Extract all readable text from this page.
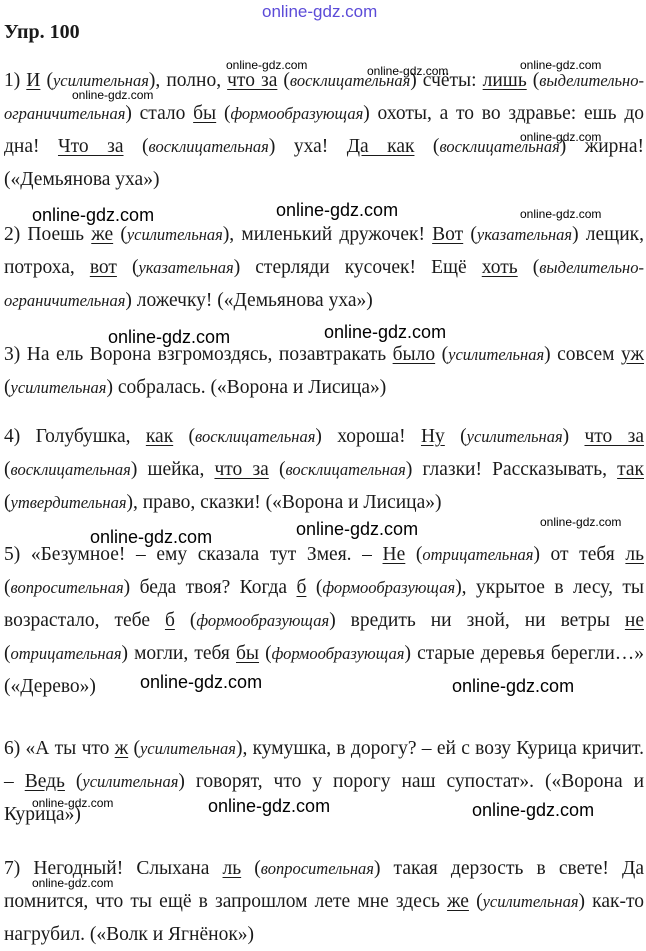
online-gdz.com
Упр. 100

1) И (усилительная), полно, что за (восклицательная) счёты: лишь (выделительно-ограничительная) стало бы (формообразующая) охоты, а то во здравье: ешь до дна! Что за (восклицательная) уха! Да как (восклицательная) жирна! («Демьянова уха»)

2) Поешь же (усилительная), миленький дружочек! Вот (указательная) лещик, потроха, вот (указательная) стерляди кусочек! Ещё хоть (выделительно-ограничительная) ложечку! («Демьянова уха»)

3) На ель Ворона взгромоздясь, позавтракать было (усилительная) совсем уж (усилительная) собралась. («Ворона и Лисица»)

4) Голубушка, как (восклицательная) хороша! Ну (усилительная) что за (восклицательная) шейка, что за (восклицательная) глазки! Рассказывать, так (утвердительная), право, сказки! («Ворона и Лисица»)

5) «Безумное! – ему сказала тут Змея. – Не (отрицательная) от тебя ль (вопросительная) беда твоя? Когда б (формообразующая), укрытое в лесу, ты возрастало, тебе б (формообразующая) вредить ни зной, ни ветры не (отрицательная) могли, тебя бы (формообразующая) старые деревья берегли…» («Дерево»)

6) «А ты что ж (усилительная), кумушка, в дорогу? – ей с возу Курица кричит. – Ведь (усилительная) говорят, что у порогу наш супостат». («Ворона и Курица»)

7) Негодный! Слыхана ль (вопросительная) такая дерзость в свете! Да помнится, что ты ещё в запрошлом лете мне здесь же (усилительная) как-то нагрубил. («Волк и Ягнёнок»)

online-gdz.com	online-gdz.com	online-gdz.com
online-gdz.com
online-gdz.com
online-gdz.com	online-gdz.com	online-gdz.com
online-gdz.com	online-gdz.com
online-gdz.com	online-gdz.com	online-gdz.com
online-gdz.com	online-gdz.com
online-gdz.com	online-gdz.com	online-gdz.com
online-gdz.com
